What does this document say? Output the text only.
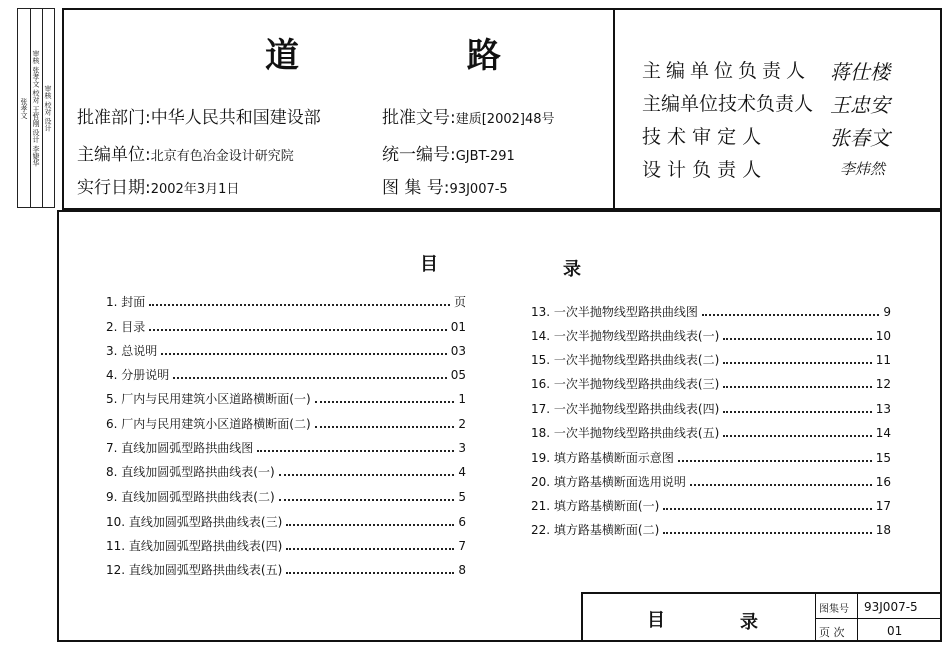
张孝文 审核 张孝文 校对 王哲刚 设计 李婕华 审核 校对 设计
道 路
批准部门:中华人民共和国建设部
主编单位:北京有色冶金设计研究院
实行日期:2002年3月1日
批准文号:建质[2002]48号
统一编号:GJBT-291
图 集 号:93J007-5
主编单位负责人 蒋仕楼
主编单位技术负责人 王忠安
技 术 审 定 人	张春文
设 计 负 责 人	李炜然
目	录
1. 封面	页
2. 目录	01
3. 总说明	03
4. 分册说明	05
5. 厂内与民用建筑小区道路横断面(一)	1
6. 厂内与民用建筑小区道路横断面(二)	2
7. 直线加圆弧型路拱曲线图	3
8. 直线加圆弧型路拱曲线表(一)	4
9. 直线加圆弧型路拱曲线表(二)	5
10. 直线加圆弧型路拱曲线表(三)	6
11. 直线加圆弧型路拱曲线表(四)	7
12. 直线加圆弧型路拱曲线表(五)	8
13. 一次半抛物线型路拱曲线图	9
14. 一次半抛物线型路拱曲线表(一)	10
15. 一次半抛物线型路拱曲线表(二)	11
16. 一次半抛物线型路拱曲线表(三)	12
17. 一次半抛物线型路拱曲线表(四)	13
18. 一次半抛物线型路拱曲线表(五)	14
19. 填方路基横断面示意图	15
20. 填方路基横断面选用说明	16
21. 填方路基横断面(一)	17
22. 填方路基横断面(二)	18
目	录
图集号 93J007-5
页 次	01
